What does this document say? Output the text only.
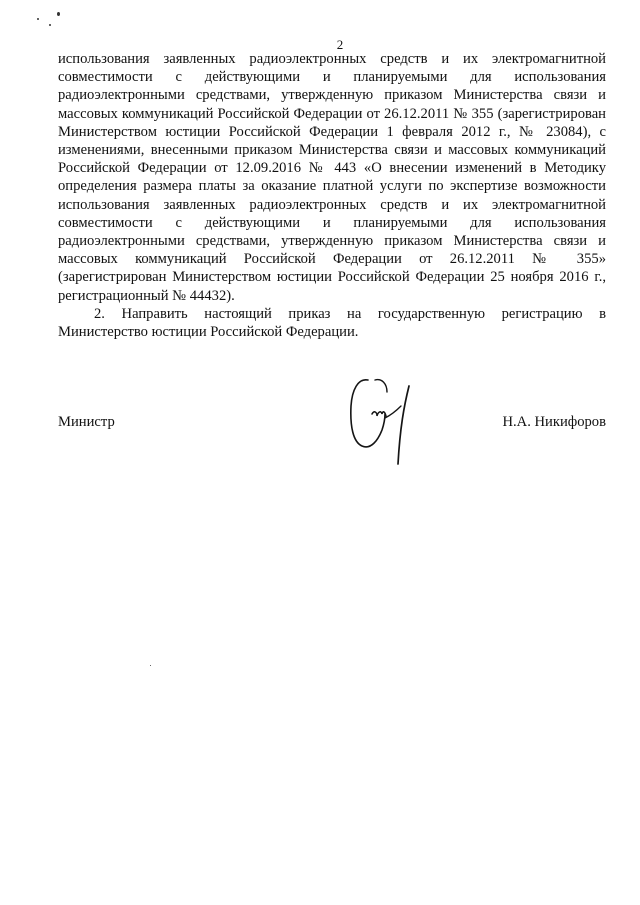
2

использования заявленных радиоэлектронных средств и их электромагнитной совместимости с действующими и планируемыми для использования радиоэлектронными средствами, утвержденную приказом Министерства связи и массовых коммуникаций Российской Федерации от 26.12.2011 № 355 (зарегистрирован Министерством юстиции Российской Федерации 1 февраля 2012 г., № 23084), с изменениями, внесенными приказом Министерства связи и массовых коммуникаций Российской Федерации от 12.09.2016 № 443 «О внесении изменений в Методику определения размера платы за оказание платной услуги по экспертизе возможности использования заявленных радиоэлектронных средств и их электромагнитной совместимости с действующими и планируемыми для использования радиоэлектронными средствами, утвержденную приказом Министерства связи и массовых коммуникаций Российской Федерации от 26.12.2011 № 355» (зарегистрирован Министерством юстиции Российской Федерации 25 ноября 2016 г., регистрационный № 44432).

2. Направить настоящий приказ на государственную регистрацию в Министерство юстиции Российской Федерации.

Министр	Н.А. Никифоров
